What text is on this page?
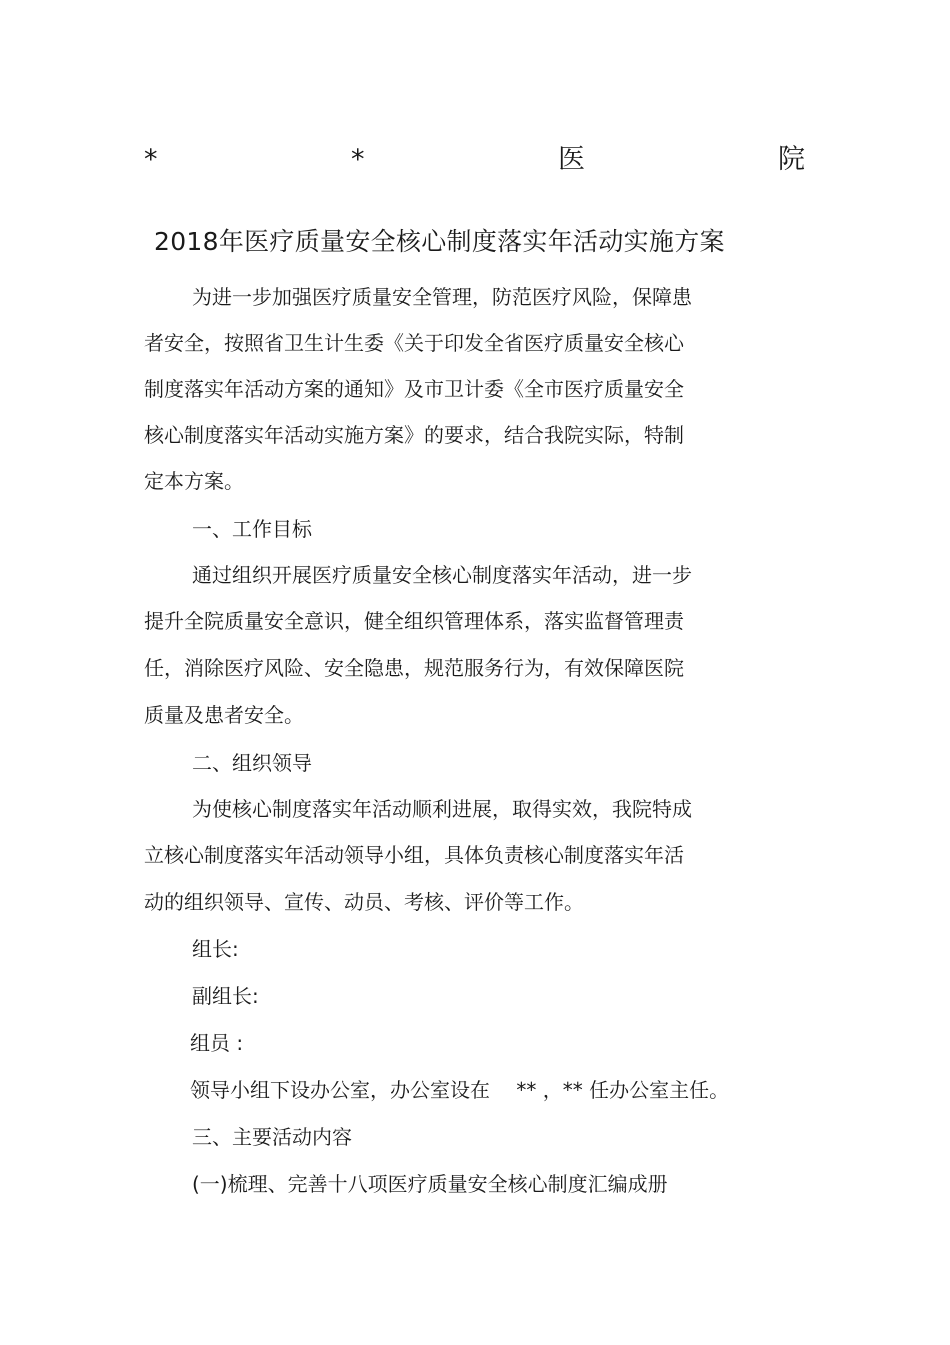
*	*	医	院
2018年医疗质量安全核心制度落实年活动实施方案
为进一步加强医疗质量安全管理，防范医疗风险，保障患
者安全，按照省卫生计生委《关于印发全省医疗质量安全核心
制度落实年活动方案的通知》及市卫计委《全市医疗质量安全
核心制度落实年活动实施方案》的要求，结合我院实际，特制
定本方案。
一、工作目标
通过组织开展医疗质量安全核心制度落实年活动，进一步
提升全院质量安全意识，健全组织管理体系，落实监督管理责
任，消除医疗风险、安全隐患，规范服务行为，有效保障医院
质量及患者安全。
二、组织领导
为使核心制度落实年活动顺利进展，取得实效，我院特成
立核心制度落实年活动领导小组，具体负责核心制度落实年活
动的组织领导、宣传、动员、考核、评价等工作。
组长:
副组长:
组员 :
领导小组下设办公室，办公室设在　 ** ，** 任办公室主任。
三、主要活动内容
(一)梳理、完善十八项医疗质量安全核心制度汇编成册
